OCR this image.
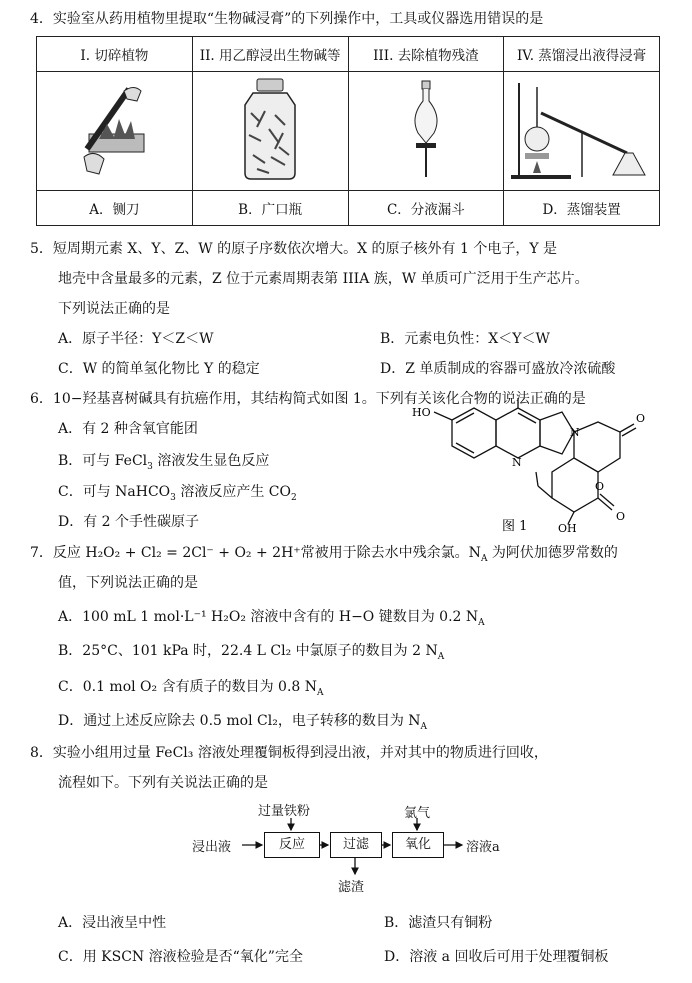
4．实验室从药用植物里提取“生物碱浸膏”的下列操作中，工具或仪器选用错误的是
I. 切碎植物	II. 用乙醇浸出生物碱等	III. 去除植物残渣	IV. 蒸馏浸出液得浸膏

A．铡刀	B．广口瓶	C．分液漏斗	D．蒸馏装置
5．短周期元素 X、Y、Z、W 的原子序数依次增大。X 的原子核外有 1 个电子，Y 是
地壳中含量最多的元素，Z 位于元素周期表第 IIIA 族，W 单质可广泛用于生产芯片。
下列说法正确的是
A．原子半径：Y＜Z＜W	B．元素电负性：X＜Y＜W
C．W 的简单氢化物比 Y 的稳定	D．Z 单质制成的容器可盛放冷浓硫酸
6．10−羟基喜树碱具有抗癌作用，其结构简式如图 1。下列有关该化合物的说法正确的是
A．有 2 种含氧官能团
B．可与 FeCl$_3$ 溶液发生显色反应
C．可与 NaHCO$_3$ 溶液反应产生 $CO_2$
D．有 2 个手性碳原子
HO
N
N
O
O
O
OH
图 1
7．反应 H₂O₂ + Cl₂ = 2Cl⁻ + O₂ + 2H⁺常被用于除去水中残余氯。$N_A$ 为阿伏加德罗常数的
值，下列说法正确的是
A．100 mL 1 mol·L⁻¹ H₂O₂ 溶液中含有的 H−O 键数目为 0.2 $N_A$
B．25°C、101 kPa 时，22.4 L Cl₂ 中氯原子的数目为 2 $N_A$
C．0.1 mol O₂ 含有质子的数目为 0.8 $N_A$
D．通过上述反应除去 0.5 mol Cl₂，电子转移的数目为 $N_A$
8．实验小组用过量 FeCl₃ 溶液处理覆铜板得到浸出液，并对其中的物质进行回收，
流程如下。下列有关说法正确的是
浸出液	反应
过量铁粉
过滤
滤渣
氧化
氯气
溶液a
A．浸出液呈中性	B．滤渣只有铜粉
C．用 KSCN 溶液检验是否“氧化”完全	D．溶液 a 回收后可用于处理覆铜板
